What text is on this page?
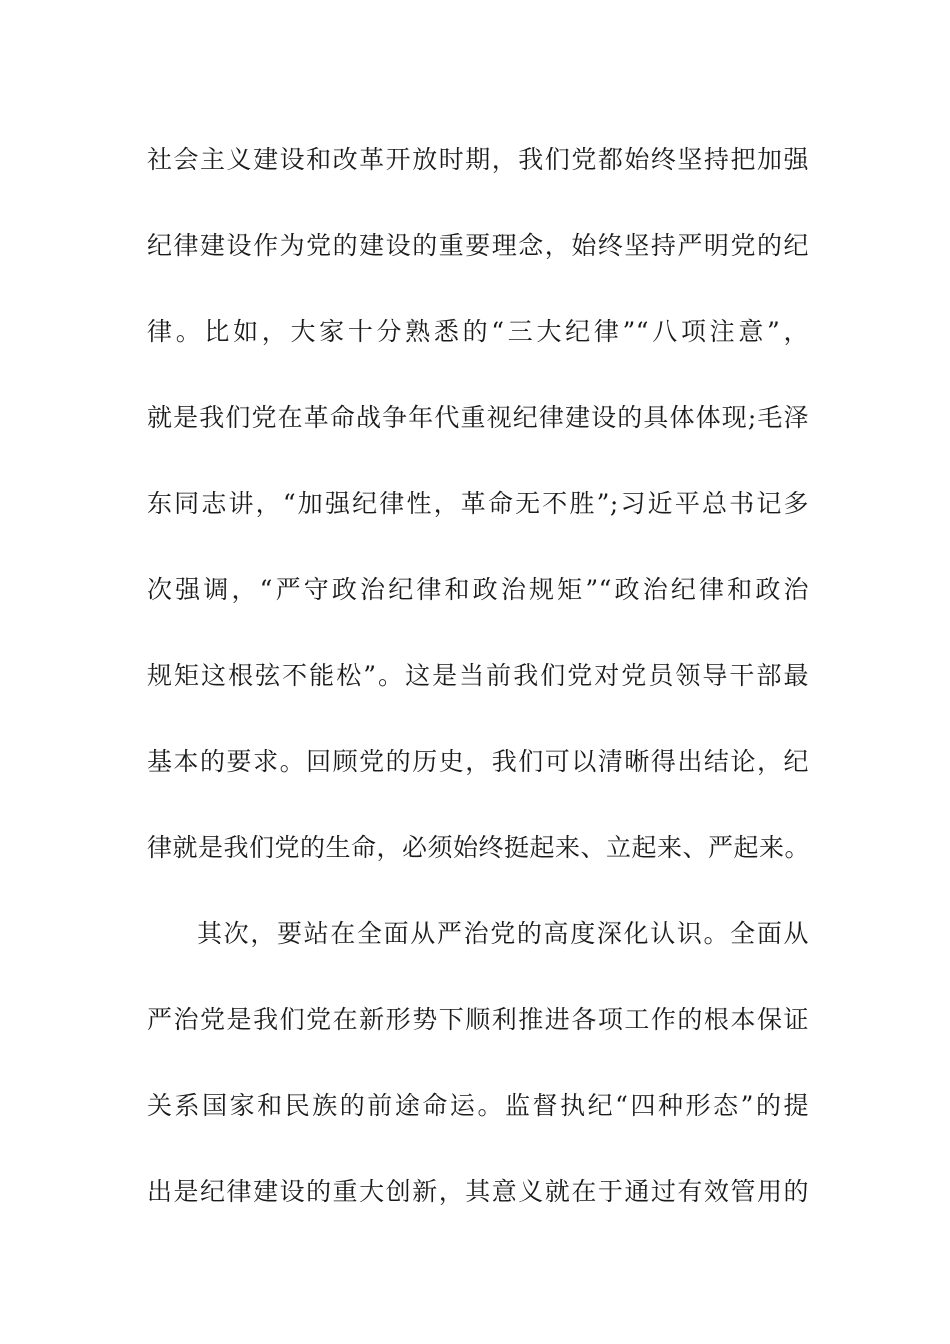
社会主义建设和改革开放时期，我们党都始终坚持把加强
纪律建设作为党的建设的重要理念，始终坚持严明党的纪
律。比如，大家十分熟悉的“三大纪律”“八项注意”，
就是我们党在革命战争年代重视纪律建设的具体体现;毛泽
东同志讲，“加强纪律性，革命无不胜”;习近平总书记多
次强调，“严守政治纪律和政治规矩”“政治纪律和政治
规矩这根弦不能松”。这是当前我们党对党员领导干部最
基本的要求。回顾党的历史，我们可以清晰得出结论，纪
律就是我们党的生命，必须始终挺起来、立起来、严起来。
其次，要站在全面从严治党的高度深化认识。全面从
严治党是我们党在新形势下顺利推进各项工作的根本保证
关系国家和民族的前途命运。监督执纪“四种形态”的提
出是纪律建设的重大创新，其意义就在于通过有效管用的
